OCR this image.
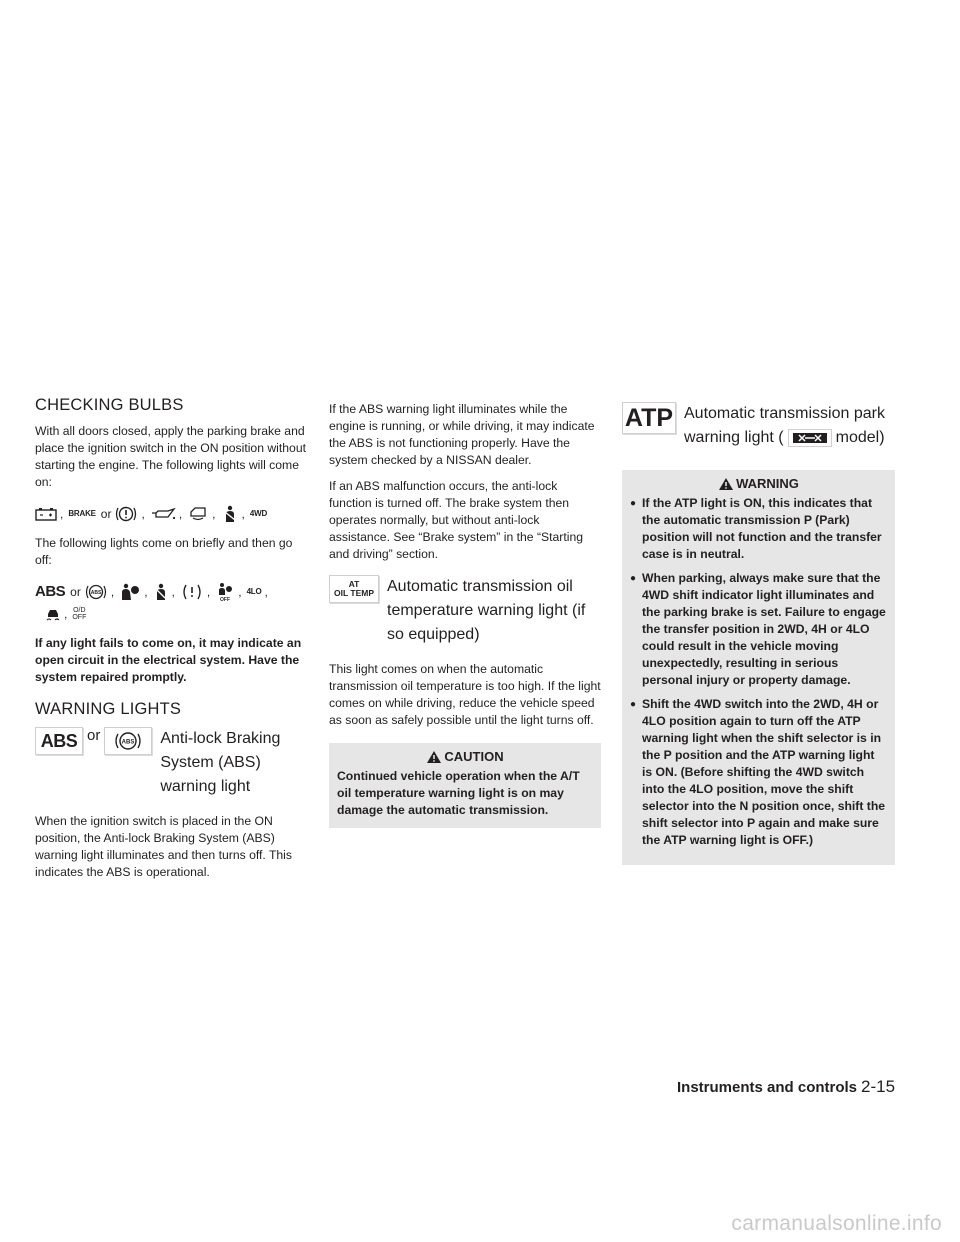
CHECKING BULBS

With all doors closed, apply the parking brake and place the ignition switch in the ON position without starting the engine. The following lights will come on:

, BRAKE or	,	,	, , 4WD

The following lights come on briefly and then go off:

ABS or ABS ,	, ,	,
OFF
, 4LO ,
, O/D
OFF

If any light fails to come on, it may indicate an open circuit in the electrical system. Have the system repaired promptly.

WARNING LIGHTS
ABS or	ABS Anti-lock Braking System (ABS) warning light

When the ignition switch is placed in the ON position, the Anti-lock Braking System (ABS) warning light illuminates and then turns off. This indicates the ABS is operational.

If the ABS warning light illuminates while the engine is running, or while driving, it may indicate the ABS is not functioning properly. Have the system checked by a NISSAN dealer.

If an ABS malfunction occurs, the anti-lock function is turned off. The brake system then operates normally, but without anti-lock assistance. See “Brake system” in the “Starting and driving” section.

AT
OIL TEMP Automatic transmission oil temperature warning light (if so equipped)

This light comes on when the automatic transmission oil temperature is too high. If the light comes on while driving, reduce the vehicle speed as soon as safely possible until the light turns off.

CAUTION
Continued vehicle operation when the A/T oil temperature warning light is on may damage the automatic transmission.
ATP Automatic transmission park warning light (	model)
WARNING
● If the ATP light is ON, this indicates that the automatic transmission P (Park) position will not function and the transfer case is in neutral.
● When parking, always make sure that the 4WD shift indicator light illuminates and the parking brake is set. Failure to engage the transfer position in 2WD, 4H or 4LO could result in the vehicle moving unexpectedly, resulting in serious personal injury or property damage.
● Shift the 4WD switch into the 2WD, 4H or 4LO position again to turn off the ATP warning light when the shift selector is in the P position and the ATP warning light is ON. (Before shifting the 4WD switch into the 4LO position, move the shift selector into the N position once, shift the shift selector into P again and make sure the ATP warning light is OFF.)
Instruments and controls 2-15
carmanualsonline.info
